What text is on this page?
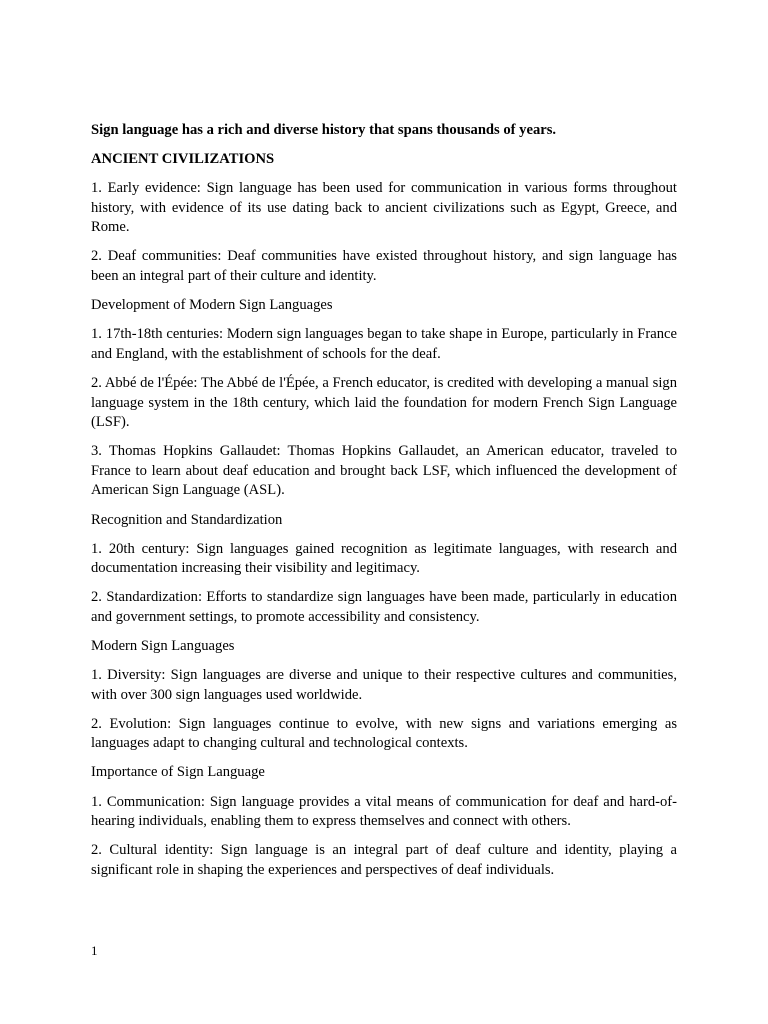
Sign language has a rich and diverse history that spans thousands of years.

ANCIENT CIVILIZATIONS

1. Early evidence: Sign language has been used for communication in various forms throughout history, with evidence of its use dating back to ancient civilizations such as Egypt, Greece, and Rome.

2. Deaf communities: Deaf communities have existed throughout history, and sign language has been an integral part of their culture and identity.

Development of Modern Sign Languages

1. 17th-18th centuries: Modern sign languages began to take shape in Europe, particularly in France and England, with the establishment of schools for the deaf.

2. Abbé de l'Épée: The Abbé de l'Épée, a French educator, is credited with developing a manual sign language system in the 18th century, which laid the foundation for modern French Sign Language (LSF).

3. Thomas Hopkins Gallaudet: Thomas Hopkins Gallaudet, an American educator, traveled to France to learn about deaf education and brought back LSF, which influenced the development of American Sign Language (ASL).

Recognition and Standardization

1. 20th century: Sign languages gained recognition as legitimate languages, with research and documentation increasing their visibility and legitimacy.

2. Standardization: Efforts to standardize sign languages have been made, particularly in education and government settings, to promote accessibility and consistency.

Modern Sign Languages

1. Diversity: Sign languages are diverse and unique to their respective cultures and communities, with over 300 sign languages used worldwide.

2. Evolution: Sign languages continue to evolve, with new signs and variations emerging as languages adapt to changing cultural and technological contexts.

Importance of Sign Language

1. Communication: Sign language provides a vital means of communication for deaf and hard-of-hearing individuals, enabling them to express themselves and connect with others.

2. Cultural identity: Sign language is an integral part of deaf culture and identity, playing a significant role in shaping the experiences and perspectives of deaf individuals.

1
